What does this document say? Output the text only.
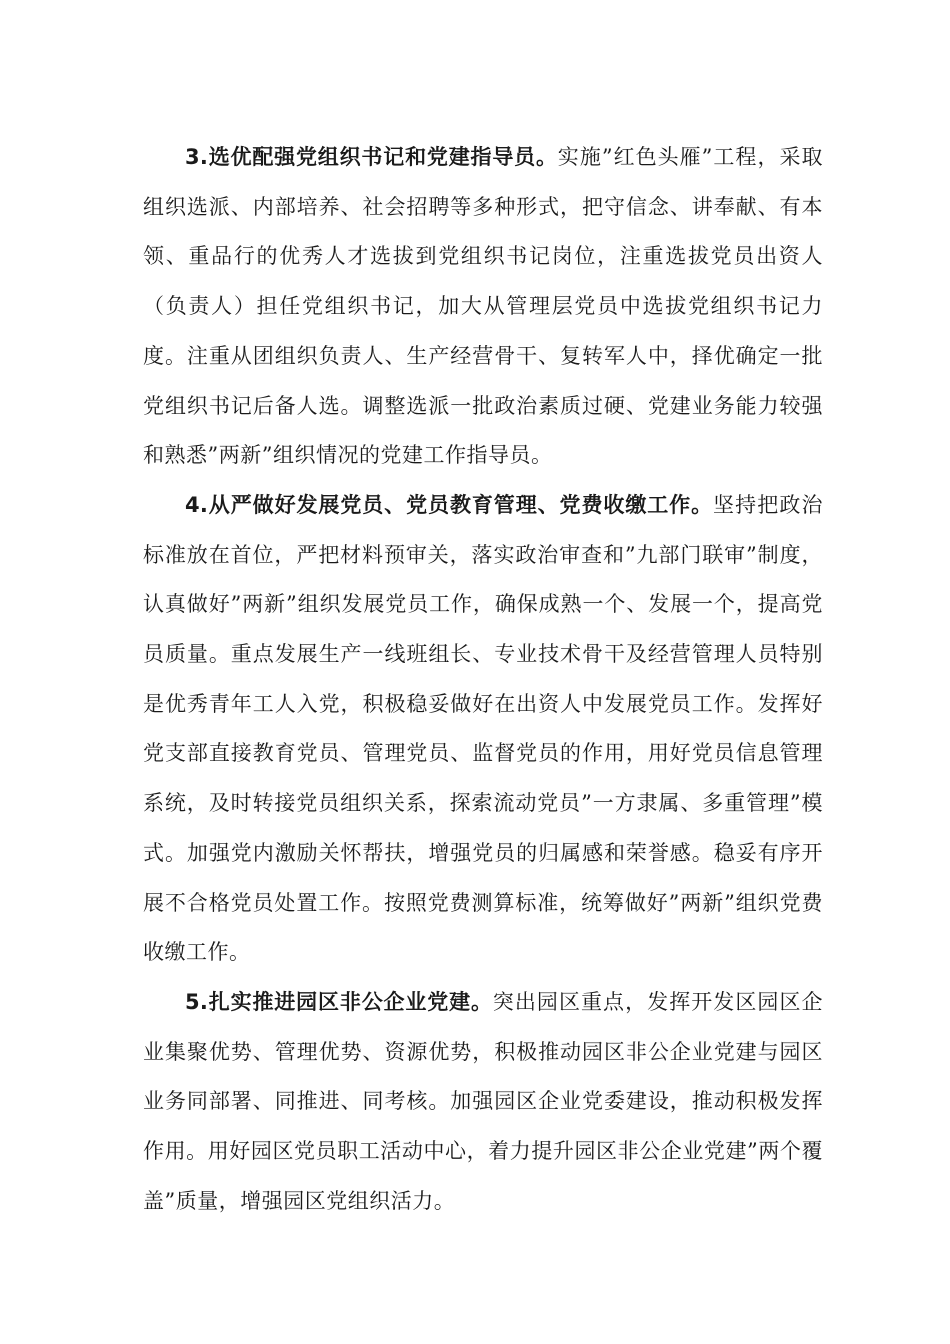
3.选优配强党组织书记和党建指导员。实施”红色头雁”工程，采取组织选派、内部培养、社会招聘等多种形式，把守信念、讲奉献、有本领、重品行的优秀人才选拔到党组织书记岗位，注重选拔党员出资人（负责人）担任党组织书记，加大从管理层党员中选拔党组织书记力度。注重从团组织负责人、生产经营骨干、复转军人中，择优确定一批党组织书记后备人选。调整选派一批政治素质过硬、党建业务能力较强和熟悉”两新”组织情况的党建工作指导员。

4.从严做好发展党员、党员教育管理、党费收缴工作。坚持把政治标准放在首位，严把材料预审关，落实政治审查和”九部门联审”制度，认真做好”两新”组织发展党员工作，确保成熟一个、发展一个，提高党员质量。重点发展生产一线班组长、专业技术骨干及经营管理人员特别是优秀青年工人入党，积极稳妥做好在出资人中发展党员工作。发挥好党支部直接教育党员、管理党员、监督党员的作用，用好党员信息管理系统，及时转接党员组织关系，探索流动党员”一方隶属、多重管理”模式。加强党内激励关怀帮扶，增强党员的归属感和荣誉感。稳妥有序开展不合格党员处置工作。按照党费测算标准，统筹做好”两新”组织党费收缴工作。

5.扎实推进园区非公企业党建。突出园区重点，发挥开发区园区企业集聚优势、管理优势、资源优势，积极推动园区非公企业党建与园区业务同部署、同推进、同考核。加强园区企业党委建设，推动积极发挥作用。用好园区党员职工活动中心，着力提升园区非公企业党建”两个覆盖”质量，增强园区党组织活力。
